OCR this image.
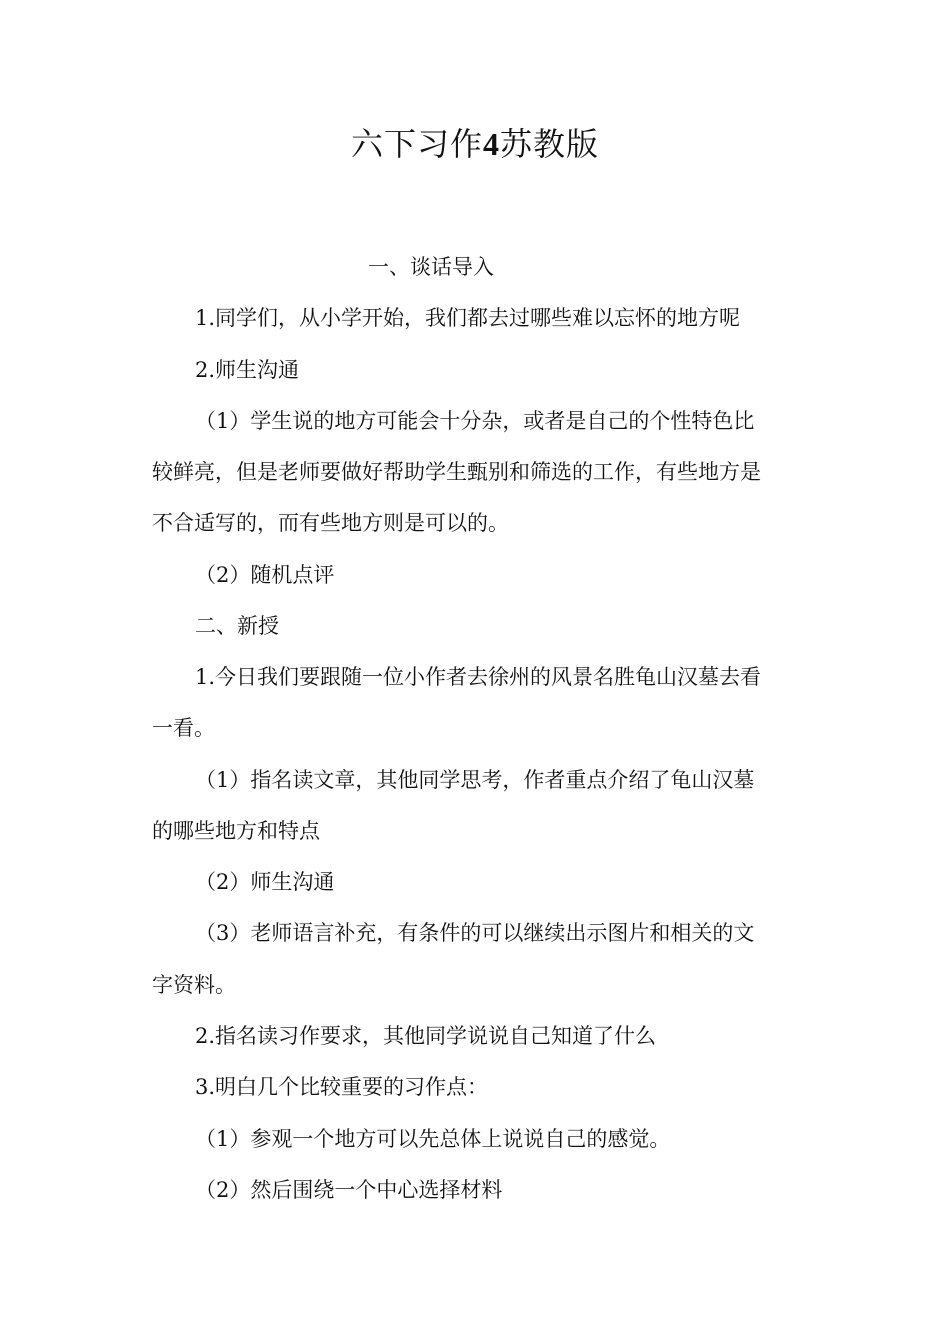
六下习作4苏教版
一、谈话导入
1.同学们，从小学开始，我们都去过哪些难以忘怀的地方呢
2.师生沟通
（1）学生说的地方可能会十分杂，或者是自己的个性特色比
较鲜亮，但是老师要做好帮助学生甄别和筛选的工作，有些地方是
不合适写的，而有些地方则是可以的。
（2）随机点评
二、新授
1.今日我们要跟随一位小作者去徐州的风景名胜龟山汉墓去看
一看。
（1）指名读文章，其他同学思考，作者重点介绍了龟山汉墓
的哪些地方和特点
（2）师生沟通
（3）老师语言补充，有条件的可以继续出示图片和相关的文
字资料。
2.指名读习作要求，其他同学说说自己知道了什么
3.明白几个比较重要的习作点：
（1）参观一个地方可以先总体上说说自己的感觉。
（2）然后围绕一个中心选择材料
